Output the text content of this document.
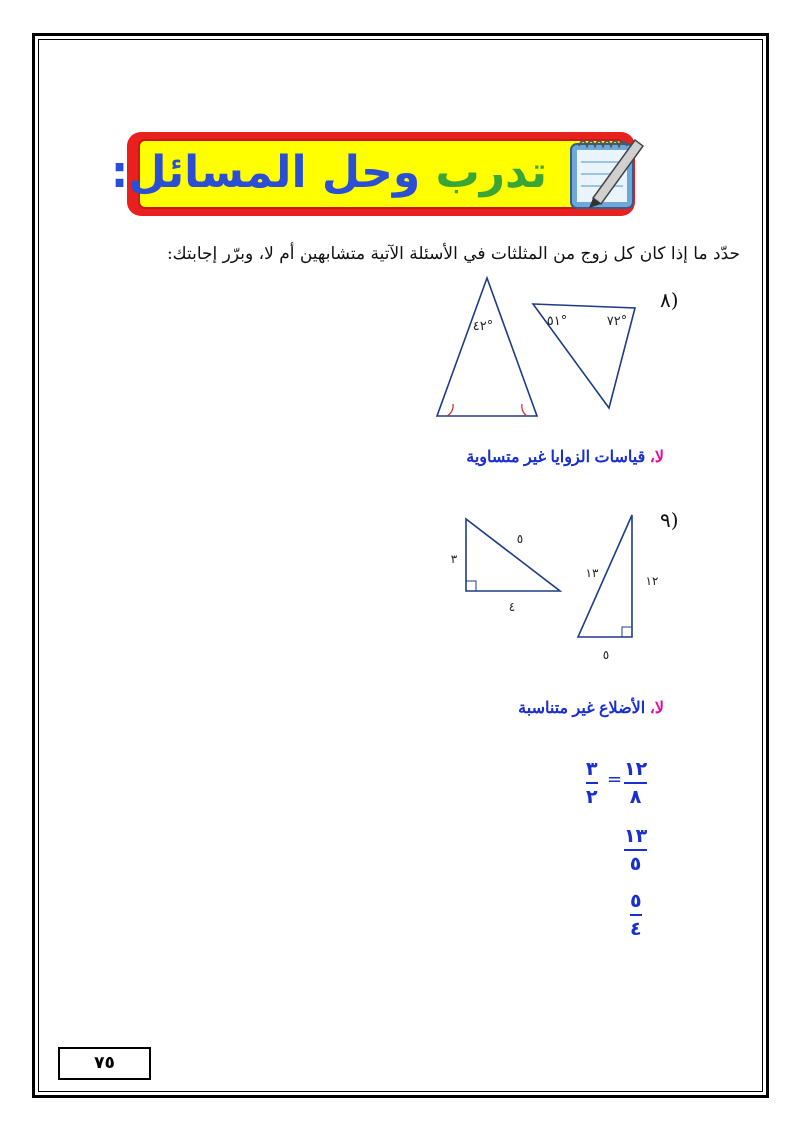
تدرب وحل المسائل:
حدّد ما إذا كان كل زوج من المثلثات في الأسئلة الآتية متشابهين أم لا، وبرّر إجابتك:
(٨
٤٢°	٥١°	٧٢°
لا، قياسات الزوايا غير متساوية
(٩
٣
٥
٤
١٣
١٢
٥
لا، الأضلاع غير متناسبة
١٢
٨
=
٣
٢
١٣
٥
٥
٤
٧٥
